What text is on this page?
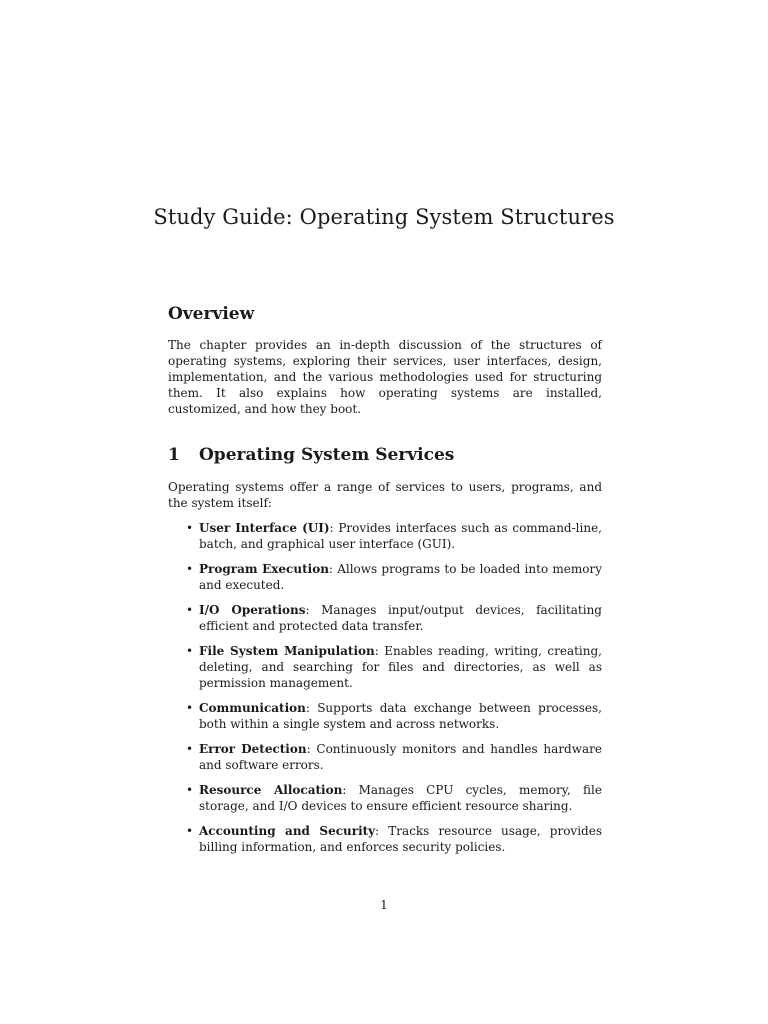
Study Guide: Operating System Structures
Overview

The chapter provides an in-depth discussion of the structures of operating systems, exploring their services, user interfaces, design, implementation, and the various methodologies used for structuring them. It also explains how operating systems are installed, customized, and how they boot.

1 Operating System Services

Operating systems offer a range of services to users, programs, and the system itself:

• User Interface (UI): Provides interfaces such as command-line, batch, and graphical user interface (GUI).
• Program Execution: Allows programs to be loaded into memory and executed.
• I/O Operations: Manages input/output devices, facilitating efficient and protected data transfer.
• File System Manipulation: Enables reading, writing, creating, deleting, and searching for files and directories, as well as permission management.
• Communication: Supports data exchange between processes, both within a single system and across networks.
• Error Detection: Continuously monitors and handles hardware and software errors.
• Resource Allocation: Manages CPU cycles, memory, file storage, and I/O devices to ensure efficient resource sharing.
• Accounting and Security: Tracks resource usage, provides billing information, and enforces security policies.
1
